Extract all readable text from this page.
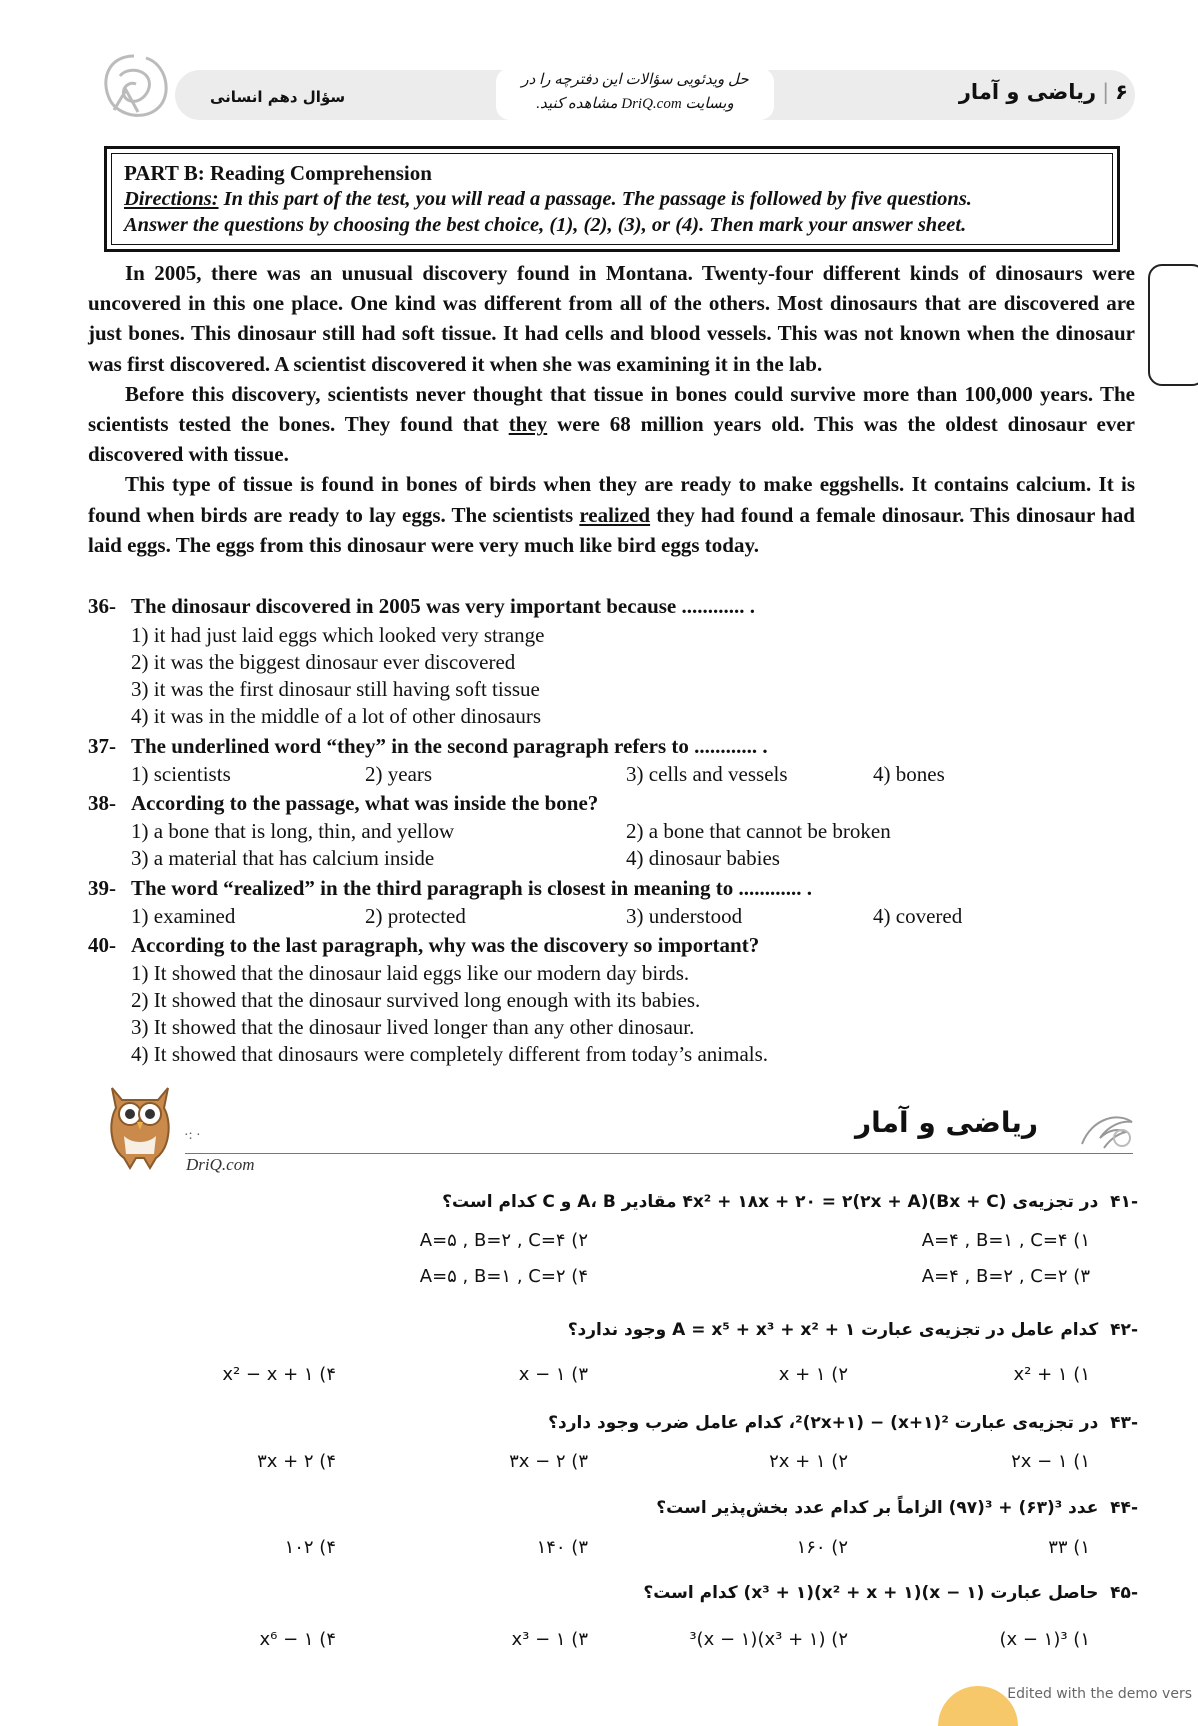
۶|ریاضی و آمار
سؤال دهم انسانی
حل ویدئویی سؤالات این دفترچه را در
وبسایت DriQ.com مشاهده کنید.
PART B: Reading Comprehension
Directions: In this part of the test, you will read a passage. The passage is followed by five questions.
Answer the questions by choosing the best choice, (1), (2), (3), or (4). Then mark your answer sheet.

In 2005, there was an unusual discovery found in Montana. Twenty-four different kinds of dinosaurs were uncovered in this one place. One kind was different from all of the others. Most dinosaurs that are discovered are just bones. This dinosaur still had soft tissue. It had cells and blood vessels. This was not known when the dinosaur was first discovered. A scientist discovered it when she was examining it in the lab.

Before this discovery, scientists never thought that tissue in bones could survive more than 100,000 years. The scientists tested the bones. They found that they were 68 million years old. This was the oldest dinosaur ever discovered with tissue.

This type of tissue is found in bones of birds when they are ready to make eggshells. It contains calcium. It is found when birds are ready to lay eggs. The scientists realized they had found a female dinosaur. This dinosaur had laid eggs. The eggs from this dinosaur were very much like bird eggs today.

36- The dinosaur discovered in 2005 was very important because ............ .
1) it had just laid eggs which looked very strange
2) it was the biggest dinosaur ever discovered
3) it was the first dinosaur still having soft tissue
4) it was in the middle of a lot of other dinosaurs
37- The underlined word “they” in the second paragraph refers to ............ .
1) scientists	2) years	3) cells and vessels	4) bones
38- According to the passage, what was inside the bone?
1) a bone that is long, thin, and yellow	2) a bone that cannot be broken
3) a material that has calcium inside	4) dinosaur babies
39- The word “realized” in the third paragraph is closest in meaning to ............ .
1) examined	2) protected	3) understood	4) covered
40- According to the last paragraph, why was the discovery so important?
1) It showed that the dinosaur laid eggs like our modern day birds.
2) It showed that the dinosaur survived long enough with its babies.
3) It showed that the dinosaur lived longer than any other dinosaur.
4) It showed that dinosaurs were completely different from today’s animals.
·: ·
DriQ.com
ریاضی و آمار
-۴۱  در تجزیه‌ی ۴x² + ۱۸x + ۲۰ = ۲(۲x + A)(Bx + C) مقادیر A، B و C کدام است؟
۱) A=۴ , B=۱ , C=۴
۲) A=۵ , B=۲ , C=۴
۳) A=۴ , B=۲ , C=۲
۴) A=۵ , B=۱ , C=۲
-۴۲  کدام عامل در تجزیه‌ی عبارت A = x⁵ + x³ + x² + ۱ وجود ندارد؟
۱) x² + ۱
۲) x + ۱
۳) x − ۱
۴) x² − x + ۱
-۴۳  در تجزیه‌ی عبارت ²(x+۱) − ²(۲x+۱)، کدام عامل ضرب وجود دارد؟
۱) ۲x − ۱
۲) ۲x + ۱
۳) ۳x − ۲
۴) ۳x + ۲
-۴۴  عدد ³(۶۳) + ³(۹۷) الزاماً بر کدام عدد بخش‌پذیر است؟
۱) ۳۳
۲) ۱۶۰
۳) ۱۴۰
۴) ۱۰۲
-۴۵  حاصل عبارت (x − ۱)(x² + x + ۱)(x³ + ۱) کدام است؟
۱) ³(x − ۱)
۲) (x³ + ۱)³(x − ۱)
۳) x³ − ۱
۴) x⁶ − ۱
Edited with the demo vers
